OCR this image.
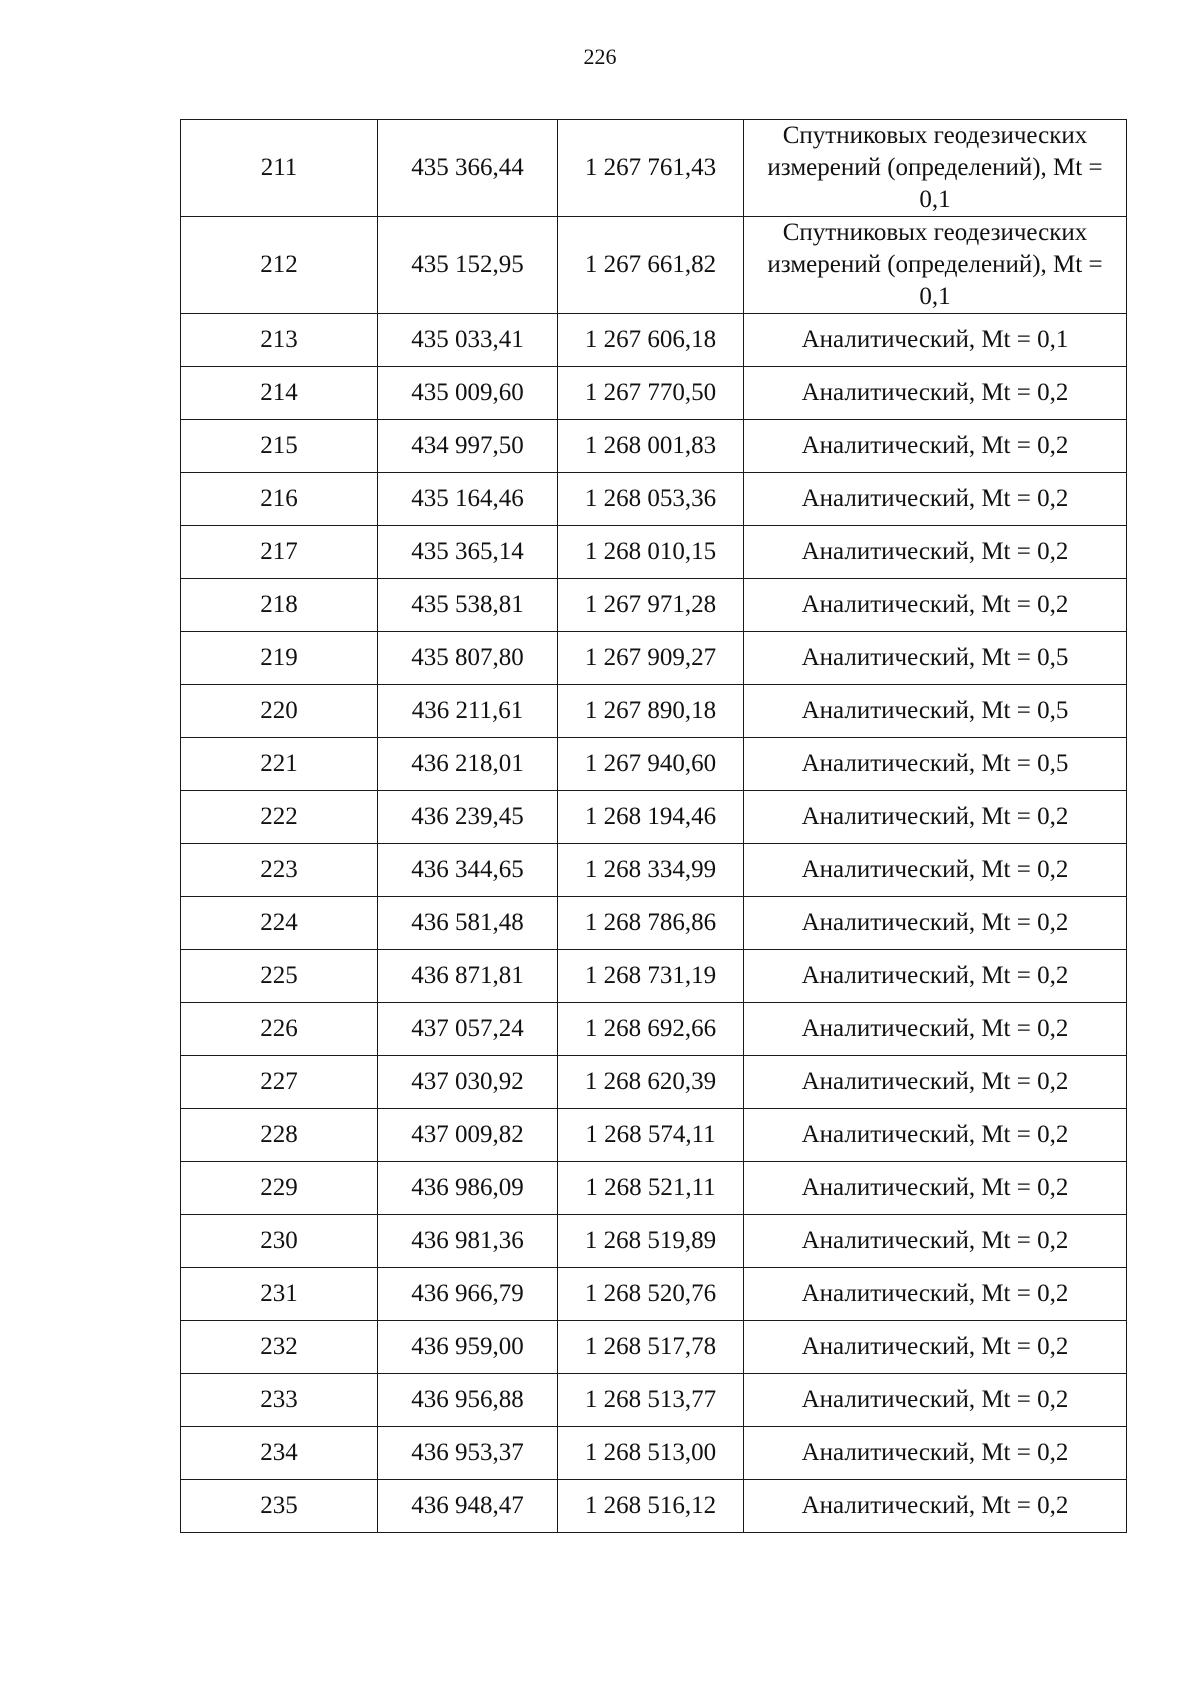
226
211	435 366,44	1 267 761,43	Спутниковых геодезических измерений (определений), Mt = 0,1
212	435 152,95	1 267 661,82	Спутниковых геодезических измерений (определений), Mt = 0,1
213	435 033,41	1 267 606,18	Аналитический, Mt = 0,1
214	435 009,60	1 267 770,50	Аналитический, Mt = 0,2
215	434 997,50	1 268 001,83	Аналитический, Mt = 0,2
216	435 164,46	1 268 053,36	Аналитический, Mt = 0,2
217	435 365,14	1 268 010,15	Аналитический, Mt = 0,2
218	435 538,81	1 267 971,28	Аналитический, Mt = 0,2
219	435 807,80	1 267 909,27	Аналитический, Mt = 0,5
220	436 211,61	1 267 890,18	Аналитический, Mt = 0,5
221	436 218,01	1 267 940,60	Аналитический, Mt = 0,5
222	436 239,45	1 268 194,46	Аналитический, Mt = 0,2
223	436 344,65	1 268 334,99	Аналитический, Mt = 0,2
224	436 581,48	1 268 786,86	Аналитический, Mt = 0,2
225	436 871,81	1 268 731,19	Аналитический, Mt = 0,2
226	437 057,24	1 268 692,66	Аналитический, Mt = 0,2
227	437 030,92	1 268 620,39	Аналитический, Mt = 0,2
228	437 009,82	1 268 574,11	Аналитический, Mt = 0,2
229	436 986,09	1 268 521,11	Аналитический, Mt = 0,2
230	436 981,36	1 268 519,89	Аналитический, Mt = 0,2
231	436 966,79	1 268 520,76	Аналитический, Mt = 0,2
232	436 959,00	1 268 517,78	Аналитический, Mt = 0,2
233	436 956,88	1 268 513,77	Аналитический, Mt = 0,2
234	436 953,37	1 268 513,00	Аналитический, Mt = 0,2
235	436 948,47	1 268 516,12	Аналитический, Mt = 0,2
